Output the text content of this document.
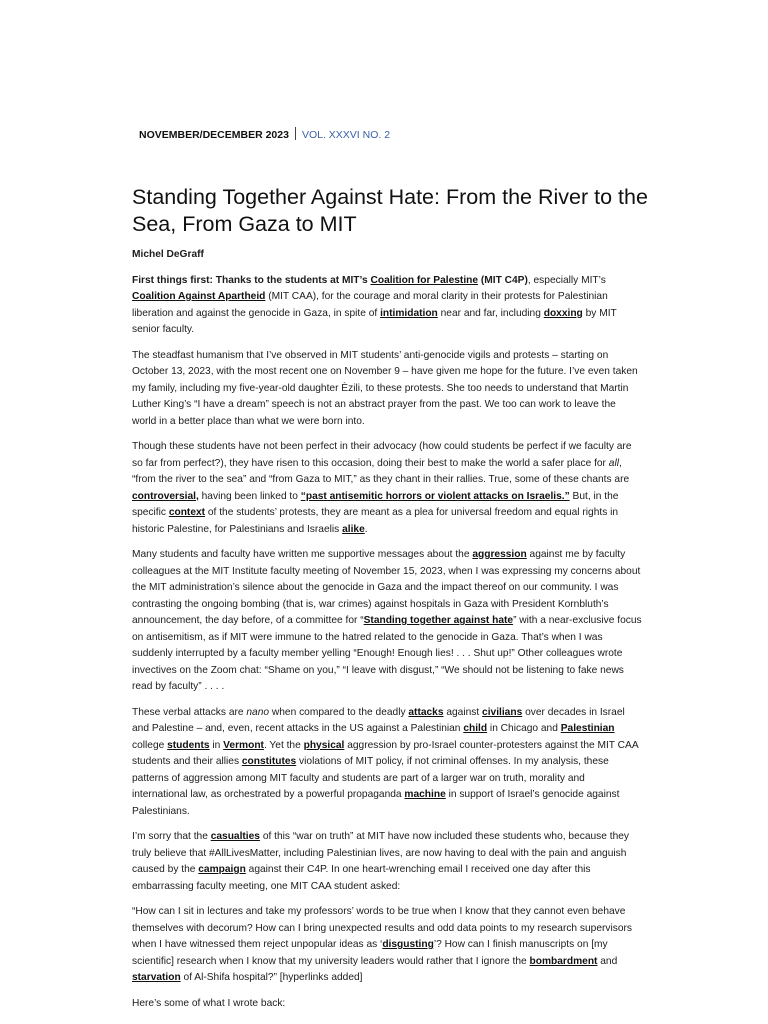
NOVEMBER/DECEMBER 2023 VOL. XXXVI NO. 2
Standing Together Against Hate: From the River to the Sea, From Gaza to MIT

Michel DeGraff

First things first: Thanks to the students at MIT’s Coalition for Palestine (MIT C4P), especially MIT’s Coalition Against Apartheid (MIT CAA), for the courage and moral clarity in their protests for Palestinian liberation and against the genocide in Gaza, in spite of intimidation near and far, including doxxing by MIT senior faculty.

The steadfast humanism that I’ve observed in MIT students’ anti-genocide vigils and protests – starting on October 13, 2023, with the most recent one on November 9 – have given me hope for the future. I’ve even taken my family, including my five-year-old daughter Èzili, to these protests. She too needs to understand that Martin Luther King’s “I have a dream” speech is not an abstract prayer from the past. We too can work to leave the world in a better place than what we were born into.

Though these students have not been perfect in their advocacy (how could students be perfect if we faculty are so far from perfect?), they have risen to this occasion, doing their best to make the world a safer place for all, “from the river to the sea” and “from Gaza to MIT,” as they chant in their rallies. True, some of these chants are controversial, having been linked to “past antisemitic horrors or violent attacks on Israelis.” But, in the specific context of the students’ protests, they are meant as a plea for universal freedom and equal rights in historic Palestine, for Palestinians and Israelis alike.

Many students and faculty have written me supportive messages about the aggression against me by faculty colleagues at the MIT Institute faculty meeting of November 15, 2023, when I was expressing my concerns about the MIT administration’s silence about the genocide in Gaza and the impact thereof on our community. I was contrasting the ongoing bombing (that is, war crimes) against hospitals in Gaza with President Kornbluth’s announcement, the day before, of a committee for “Standing together against hate” with a near-exclusive focus on antisemitism, as if MIT were immune to the hatred related to the genocide in Gaza. That’s when I was suddenly interrupted by a faculty member yelling “Enough! Enough lies! . . . Shut up!” Other colleagues wrote invectives on the Zoom chat: “Shame on you,” “I leave with disgust,” “We should not be listening to fake news read by faculty” . . . .

These verbal attacks are nano when compared to the deadly attacks against civilians over decades in Israel and Palestine – and, even, recent attacks in the US against a Palestinian child in Chicago and Palestinian college students in Vermont. Yet the physical aggression by pro-Israel counter-protesters against the MIT CAA students and their allies constitutes violations of MIT policy, if not criminal offenses. In my analysis, these patterns of aggression among MIT faculty and students are part of a larger war on truth, morality and international law, as orchestrated by a powerful propaganda machine in support of Israel’s genocide against Palestinians.

I’m sorry that the casualties of this “war on truth” at MIT have now included these students who, because they truly believe that #AllLivesMatter, including Palestinian lives, are now having to deal with the pain and anguish caused by the campaign against their C4P. In one heart-wrenching email I received one day after this embarrassing faculty meeting, one MIT CAA student asked:

“How can I sit in lectures and take my professors’ words to be true when I know that they cannot even behave themselves with decorum? How can I bring unexpected results and odd data points to my research supervisors when I have witnessed them reject unpopular ideas as ‘disgusting’? How can I finish manuscripts on [my scientific] research when I know that my university leaders would rather that I ignore the bombardment and starvation of Al-Shifa hospital?” [hyperlinks added]

Here’s some of what I wrote back:
